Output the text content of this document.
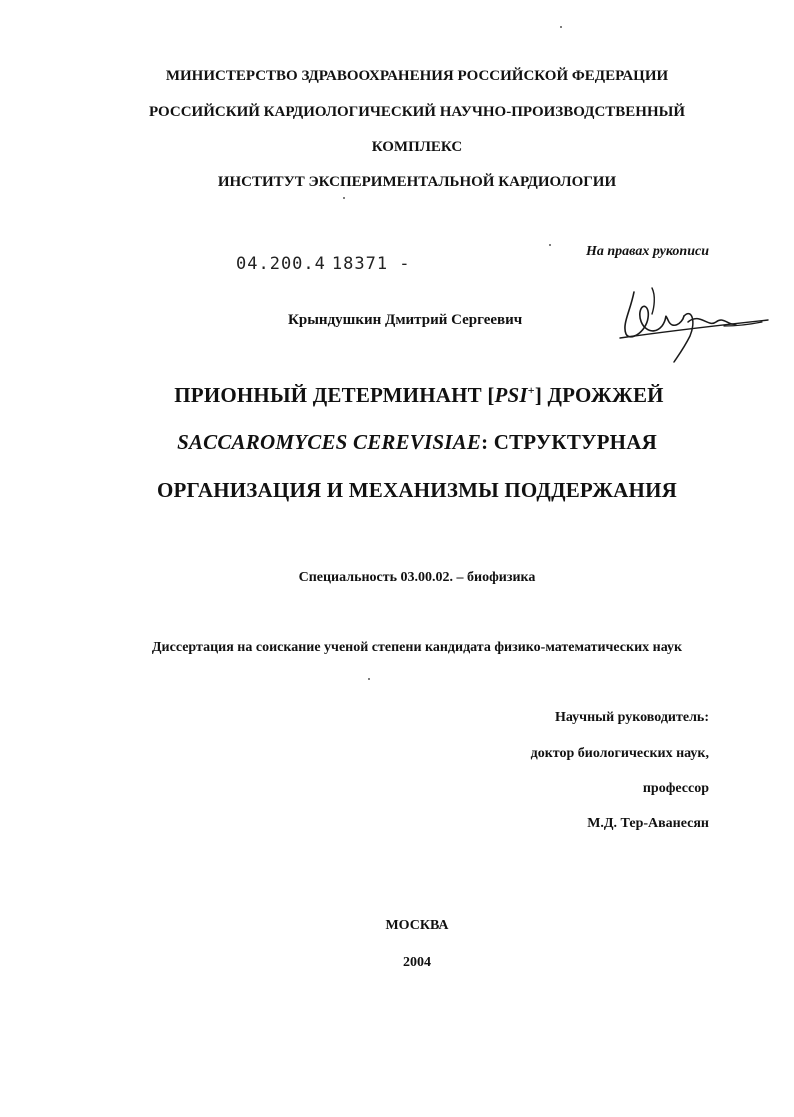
МИНИСТЕРСТВО ЗДРАВООХРАНЕНИЯ РОССИЙСКОЙ ФЕДЕРАЦИИ
РОССИЙСКИЙ КАРДИОЛОГИЧЕСКИЙ НАУЧНО-ПРОИЗВОДСТВЕННЫЙ
КОМПЛЕКС
ИНСТИТУТ ЭКСПЕРИМЕНТАЛЬНОЙ КАРДИОЛОГИИ
На правах рукописи
04.200.4 18371 -
Крындушкин Дмитрий Сергеевич
ПРИОННЫЙ ДЕТЕРМИНАНТ [PSI+] ДРОЖЖЕЙ
SACCAROMYCES CEREVISIAE: СТРУКТУРНАЯ
ОРГАНИЗАЦИЯ И МЕХАНИЗМЫ ПОДДЕРЖАНИЯ
Специальность 03.00.02. – биофизика
Диссертация на соискание ученой степени кандидата физико-математических наук
Научный руководитель:
доктор биологических наук,
профессор
М.Д. Тер-Аванесян
МОСКВА
2004
